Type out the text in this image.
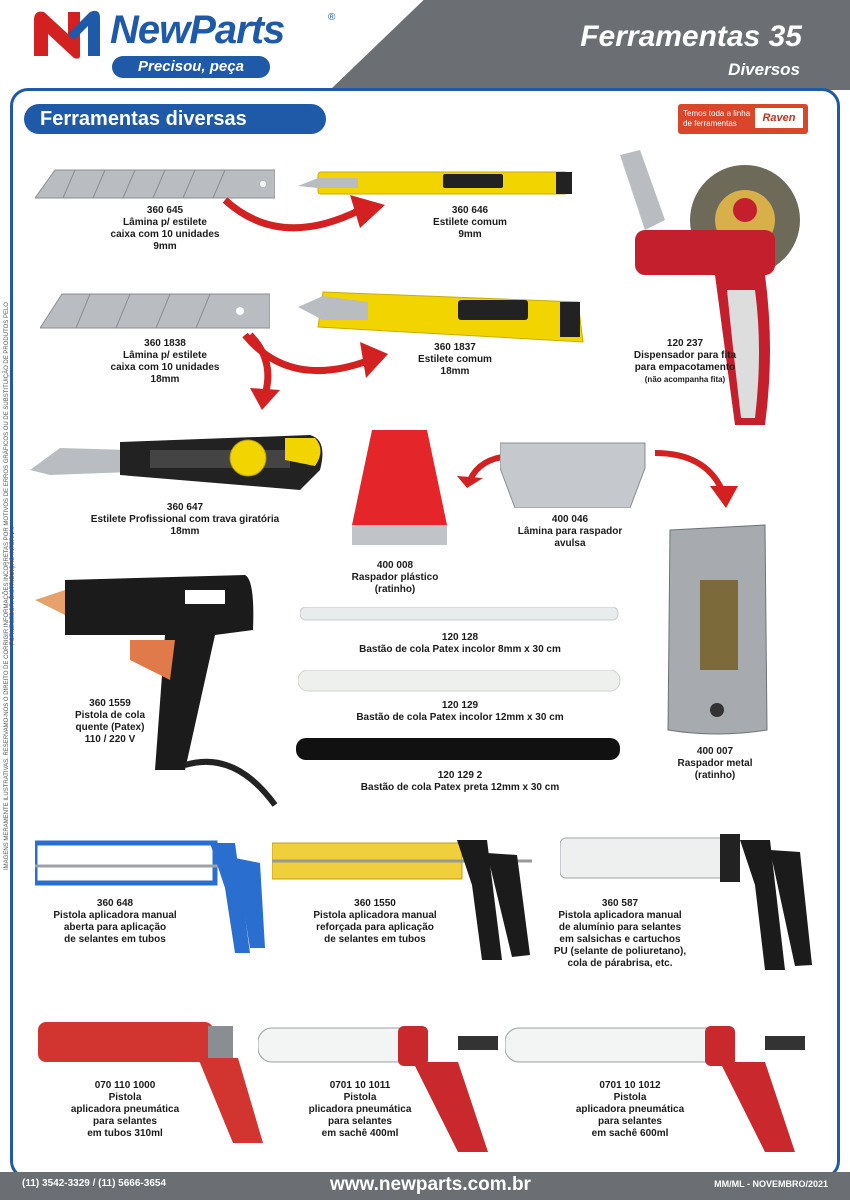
NewParts	®
Precisou, peça
Ferramentas 35
Diversos
Ferramentas diversas	Temos toda a linha
de ferramentas	Raven
IMAGENS MERAMENTE ILUSTRATIVAS. RESERVAMO-NOS O DIREITO DE CORRIGIR INFORMAÇÕES INCORRETAS POR MOTIVOS DE ERROS GRÁFICOS OU DE SUBSTITUIÇÃO DE PRODUTOS PELO FORNECEDOR. DISTRIBUIÇÃO INTERNA.
360 645
Lâmina p/ estilete
caixa com 10 unidades
9mm
360 646
Estilete comum
9mm
120 237
Dispensador para fita
para empacotamento
(não acompanha fita)
360 1838
Lâmina p/ estilete
caixa com 10 unidades
18mm
360 1837
Estilete comum
18mm
360 647
Estilete Profissional com trava giratória
18mm
400 008
Raspador plástico
(ratinho)
400 046
Lâmina para raspador
avulsa
400 007
Raspador metal
(ratinho)
360 1559
Pistola de cola
quente (Patex)
110 / 220 V
120 128
Bastão de cola Patex incolor 8mm x 30 cm
120 129
Bastão de cola Patex incolor 12mm x 30 cm
120 129 2
Bastão de cola Patex preta 12mm x 30 cm
360 648
Pistola aplicadora manual
aberta para aplicação
de selantes em tubos
360 1550
Pistola aplicadora manual
reforçada para aplicação
de selantes em tubos
360 587
Pistola aplicadora manual
de alumínio para selantes
em salsichas e cartuchos
PU (selante de poliuretano),
cola de párabrisa, etc.
070 110 1000
Pistola
aplicadora pneumática
para selantes
em tubos 310ml
0701 10 1011
Pistola
plicadora pneumática
para selantes
em sachê 400ml
0701 10 1012
Pistola
aplicadora pneumática
para selantes
em sachê 600ml
(11) 3542-3329 / (11) 5666-3654	www.newparts.com.br	MM/ML - NOVEMBRO/2021
